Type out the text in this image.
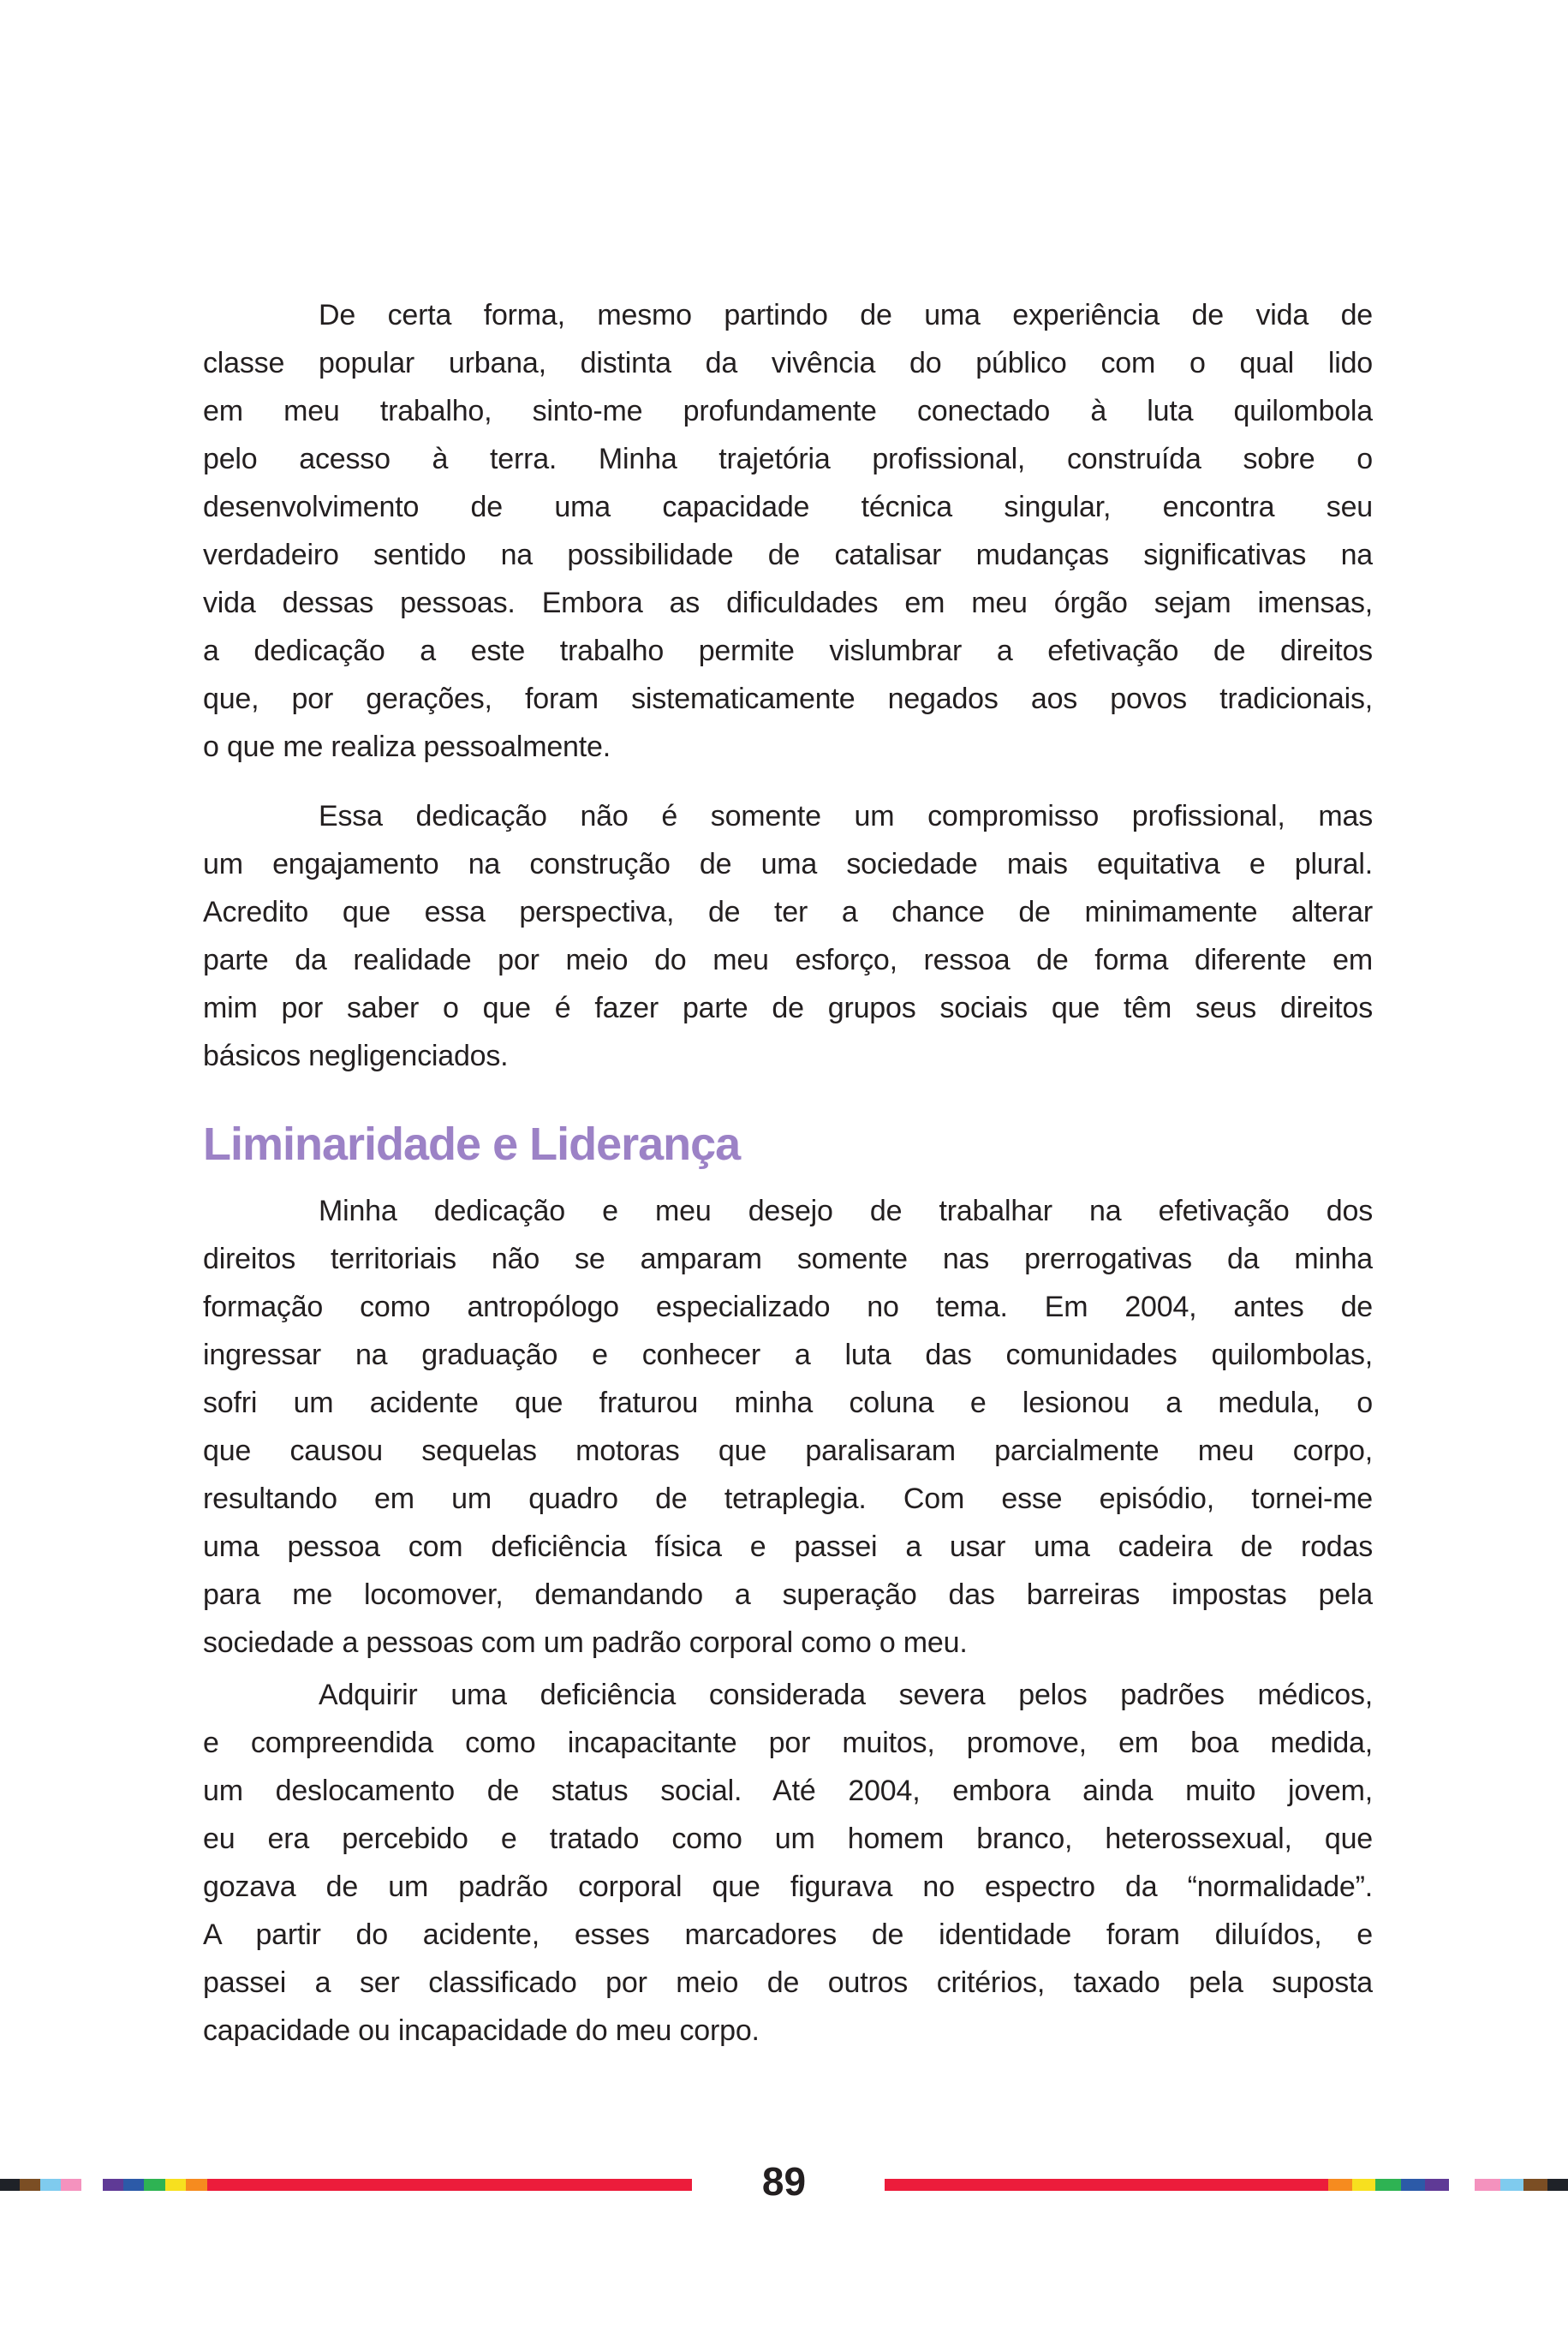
De certa forma, mesmo partindo de uma experiência de vida de
classe popular urbana, distinta da vivência do público com o qual lido
em meu trabalho, sinto-me profundamente conectado à luta quilombola
pelo acesso à terra. Minha trajetória profissional, construída sobre o
desenvolvimento de uma capacidade técnica singular, encontra seu
verdadeiro sentido na possibilidade de catalisar mudanças significativas na
vida dessas pessoas. Embora as dificuldades em meu órgão sejam imensas,
a dedicação a este trabalho permite vislumbrar a efetivação de direitos
que, por gerações, foram sistematicamente negados aos povos tradicionais,
o que me realiza pessoalmente.
Essa dedicação não é somente um compromisso profissional, mas
um engajamento na construção de uma sociedade mais equitativa e plural.
Acredito que essa perspectiva, de ter a chance de minimamente alterar
parte da realidade por meio do meu esforço, ressoa de forma diferente em
mim por saber o que é fazer parte de grupos sociais que têm seus direitos
básicos negligenciados.
Liminaridade e Liderança
Minha dedicação e meu desejo de trabalhar na efetivação dos
direitos territoriais não se amparam somente nas prerrogativas da minha
formação como antropólogo especializado no tema. Em 2004, antes de
ingressar na graduação e conhecer a luta das comunidades quilombolas,
sofri um acidente que fraturou minha coluna e lesionou a medula, o
que causou sequelas motoras que paralisaram parcialmente meu corpo,
resultando em um quadro de tetraplegia. Com esse episódio, tornei-me
uma pessoa com deficiência física e passei a usar uma cadeira de rodas
para me locomover, demandando a superação das barreiras impostas pela
sociedade a pessoas com um padrão corporal como o meu.
Adquirir uma deficiência considerada severa pelos padrões médicos,
e compreendida como incapacitante por muitos, promove, em boa medida,
um deslocamento de status social. Até 2004, embora ainda muito jovem,
eu era percebido e tratado como um homem branco, heterossexual, que
gozava de um padrão corporal que figurava no espectro da “normalidade”.
A partir do acidente, esses marcadores de identidade foram diluídos, e
passei a ser classificado por meio de outros critérios, taxado pela suposta
capacidade ou incapacidade do meu corpo.
89
